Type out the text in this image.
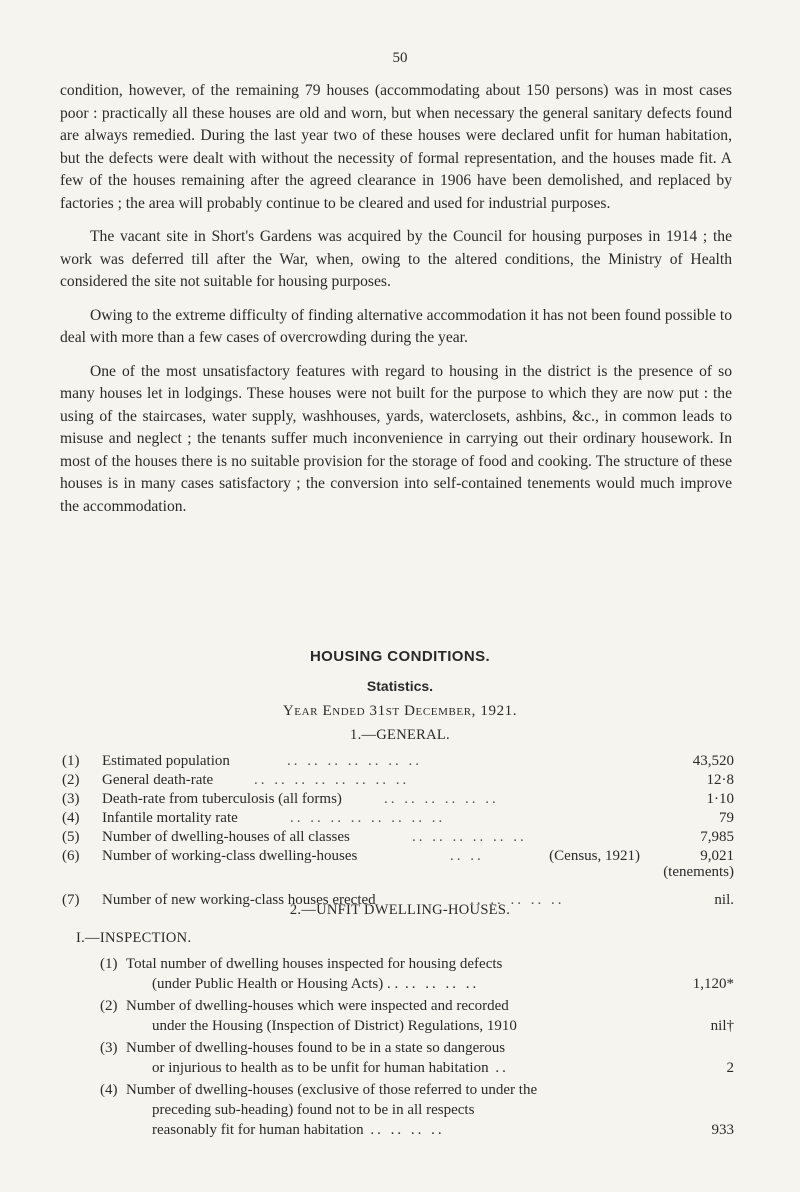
50

condition, however, of the remaining 79 houses (accommodating about 150 persons) was in most cases poor : practically all these houses are old and worn, but when necessary the general sanitary defects found are always remedied. During the last year two of these houses were declared unfit for human habitation, but the defects were dealt with without the necessity of formal representation, and the houses made fit. A few of the houses remaining after the agreed clearance in 1906 have been demolished, and replaced by factories ; the area will probably continue to be cleared and used for industrial purposes.

The vacant site in Short's Gardens was acquired by the Council for housing purposes in 1914 ; the work was deferred till after the War, when, owing to the altered conditions, the Ministry of Health considered the site not suitable for housing purposes.

Owing to the extreme difficulty of finding alternative accommodation it has not been found possible to deal with more than a few cases of overcrowding during the year.

One of the most unsatisfactory features with regard to housing in the district is the presence of so many houses let in lodgings. These houses were not built for the purpose to which they are now put : the using of the staircases, water supply, washhouses, yards, waterclosets, ashbins, &c., in common leads to misuse and neglect ; the tenants suffer much inconvenience in carrying out their ordinary housework. In most of the houses there is no suitable provision for the storage of food and cooking. The structure of these houses is in many cases satisfactory ; the conversion into self-contained tenements would much improve the accommodation.

HOUSING CONDITIONS.
Statistics.
Year Ended 31st December, 1921.
1.—GENERAL.
(1) Estimated population	.. .. .. .. .. .. ..	43,520
(2) General death-rate	.. .. .. .. .. .. .. ..	12·8
(3) Death-rate from tuberculosis (all forms)	.. .. .. .. .. ..	1·10
(4) Infantile mortality rate	.. .. .. .. .. .. .. ..	79
(5) Number of dwelling-houses of all classes	.. .. .. .. .. ..	7,985
(6) Number of working-class dwelling-houses	.. ..	(Census, 1921)	9,021
(tenements)
(7) Number of new working-class houses erected	.. .. .. .. ..	nil.
2.—UNFIT DWELLING-HOUSES.
I.—INSPECTION.
(1) Total number of dwelling houses inspected for housing defects
(under Public Health or Housing Acts) . . .. .. .. ..	1,120*
(2) Number of dwelling-houses which were inspected and recorded
under the Housing (Inspection of District) Regulations, 1910	nil†
(3) Number of dwelling-houses found to be in a state so dangerous
or injurious to health as to be unfit for human habitation ..	2
(4) Number of dwelling-houses (exclusive of those referred to under the
preceding sub-heading) found not to be in all respects
reasonably fit for human habitation .. .. .. ..	933
